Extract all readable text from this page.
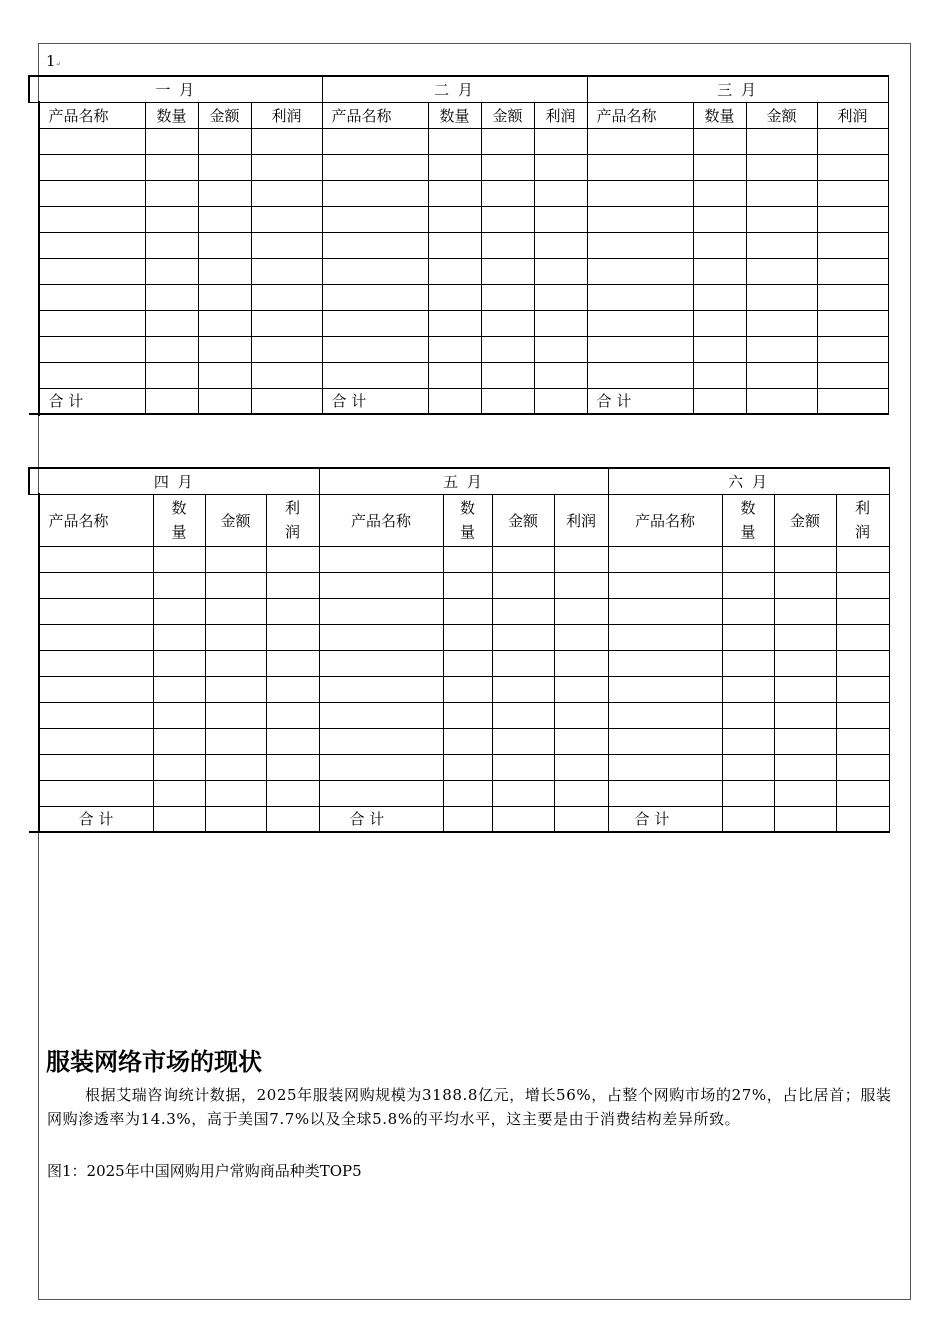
1↵
一 月					二 月				三 月			
	产品名称	数量	金额	利润	产品名称	数量	金额	利润	产品名称	数量	金额	利润

	合 计				合 计				合 计			
四 月					五 月				六 月			
	产品名称	数量	金额	利润	产品名称	数量	金额	利润	产品名称	数量	金额	利润

	合 计				合 计				合 计			
服装网络市场的现状

根据艾瑞咨询统计数据，2025年服装网购规模为3188.8亿元，增长56%，占整个网购市场的27%，占比居首；服装网购渗透率为14.3%，高于美国7.7%以及全球5.8%的平均水平，这主要是由于消费结构差异所致。

图1：2025年中国网购用户常购商品种类TOP5
